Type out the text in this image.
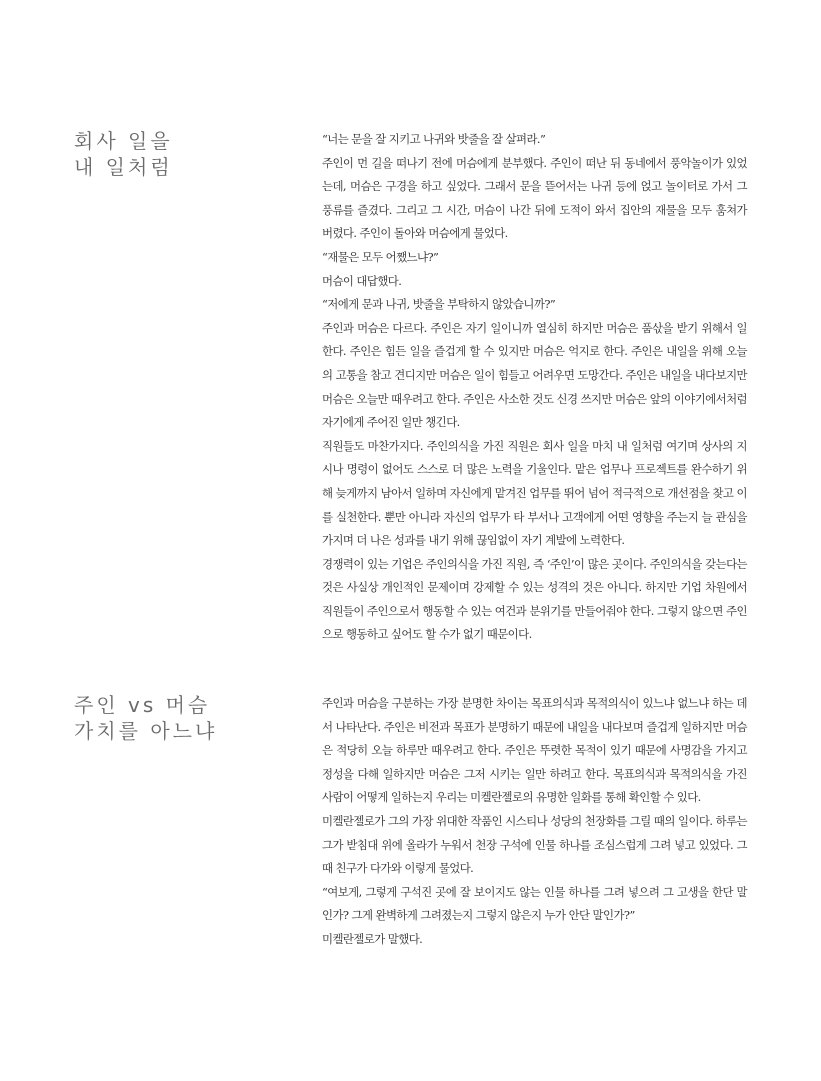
회사 일을
내 일처럼

“너는 문을 잘 지키고 나귀와 밧줄을 잘 살펴라.”

주인이 먼 길을 떠나기 전에 머슴에게 분부했다. 주인이 떠난 뒤 동네에서 풍악놀이가 있었는데, 머슴은 구경을 하고 싶었다. 그래서 문을 뜯어서는 나귀 등에 얹고 놀이터로 가서 그 풍류를 즐겼다. 그리고 그 시간, 머슴이 나간 뒤에 도적이 와서 집안의 재물을 모두 훔쳐가 버렸다. 주인이 돌아와 머슴에게 물었다.

“재물은 모두 어쨌느냐?”

머슴이 대답했다.

“저에게 문과 나귀, 밧줄을 부탁하지 않았습니까?”

주인과 머슴은 다르다. 주인은 자기 일이니까 열심히 하지만 머슴은 품삯을 받기 위해서 일한다. 주인은 힘든 일을 즐겁게 할 수 있지만 머슴은 억지로 한다. 주인은 내일을 위해 오늘의 고통을 참고 견디지만 머슴은 일이 힘들고 어려우면 도망간다. 주인은 내일을 내다보지만 머슴은 오늘만 때우려고 한다. 주인은 사소한 것도 신경 쓰지만 머슴은 앞의 이야기에서처럼 자기에게 주어진 일만 챙긴다.

직원들도 마찬가지다. 주인의식을 가진 직원은 회사 일을 마치 내 일처럼 여기며 상사의 지시나 명령이 없어도 스스로 더 많은 노력을 기울인다. 맡은 업무나 프로젝트를 완수하기 위해 늦게까지 남아서 일하며 자신에게 맡겨진 업무를 뛰어 넘어 적극적으로 개선점을 찾고 이를 실천한다. 뿐만 아니라 자신의 업무가 타 부서나 고객에게 어떤 영향을 주는지 늘 관심을 가지며 더 나은 성과를 내기 위해 끊임없이 자기 계발에 노력한다.

경쟁력이 있는 기업은 주인의식을 가진 직원, 즉 ‘주인’이 많은 곳이다. 주인의식을 갖는다는 것은 사실상 개인적인 문제이며 강제할 수 있는 성격의 것은 아니다. 하지만 기업 차원에서 직원들이 주인으로서 행동할 수 있는 여건과 분위기를 만들어줘야 한다. 그렇지 않으면 주인으로 행동하고 싶어도 할 수가 없기 때문이다.

주인 vs 머슴
가치를 아느냐

주인과 머슴을 구분하는 가장 분명한 차이는 목표의식과 목적의식이 있느냐 없느냐 하는 데서 나타난다. 주인은 비전과 목표가 분명하기 때문에 내일을 내다보며 즐겁게 일하지만 머슴은 적당히 오늘 하루만 때우려고 한다. 주인은 뚜렷한 목적이 있기 때문에 사명감을 가지고 정성을 다해 일하지만 머슴은 그저 시키는 일만 하려고 한다. 목표의식과 목적의식을 가진 사람이 어떻게 일하는지 우리는 미켈란젤로의 유명한 일화를 통해 확인할 수 있다.

미켈란젤로가 그의 가장 위대한 작품인 시스티나 성당의 천장화를 그릴 때의 일이다. 하루는 그가 받침대 위에 올라가 누워서 천장 구석에 인물 하나를 조심스럽게 그려 넣고 있었다. 그때 친구가 다가와 이렇게 물었다.

“여보게, 그렇게 구석진 곳에 잘 보이지도 않는 인물 하나를 그려 넣으려 그 고생을 한단 말인가? 그게 완벽하게 그려졌는지 그렇지 않은지 누가 안단 말인가?”

미켈란젤로가 말했다.
